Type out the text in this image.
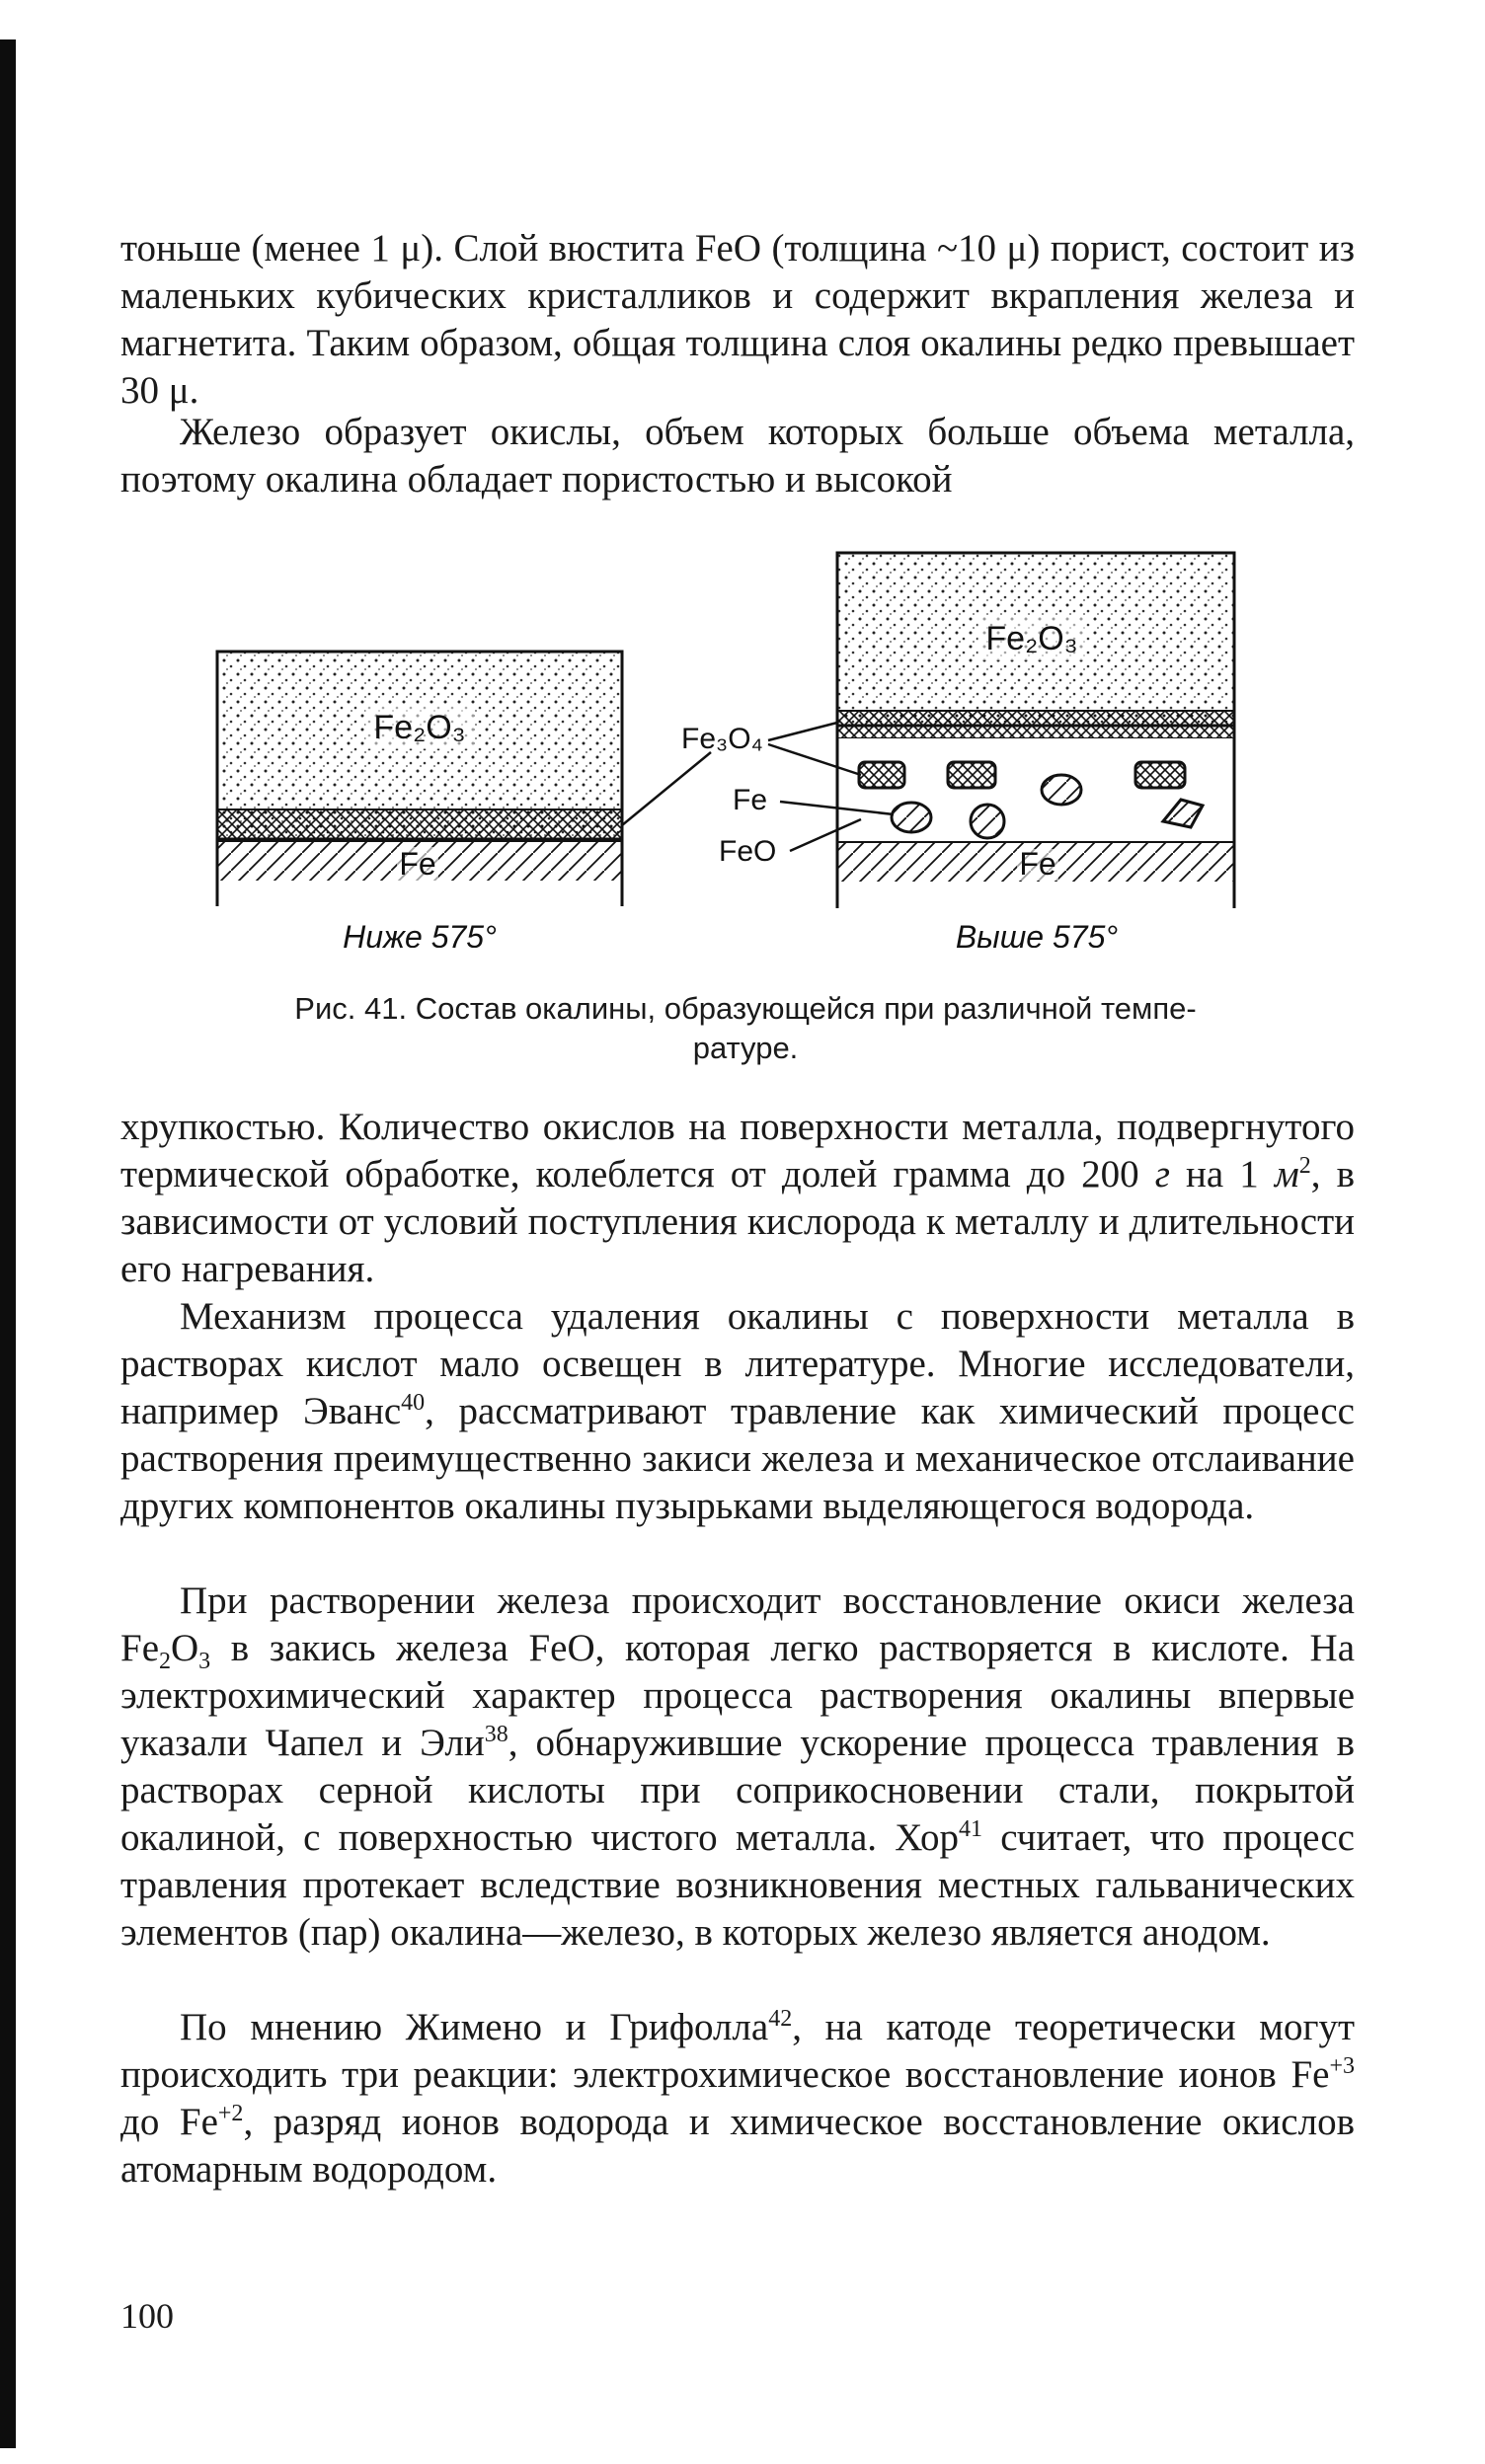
тоньше (менее 1 μ). Слой вюстита FeO (толщина ~10 μ) порист, состоит из маленьких кубических кристалликов и содержит вкрапления железа и магнетита. Таким образом, общая толщина слоя окалины редко превышает 30 μ.

Железо образует окислы, объем которых больше объема металла, поэтому окалина обладает пористостью и высокой

Fe₂O₃
Fe
Fe₂O₃
Fe
Fe₃O₄
Fe
FeO
Ниже 575°	Выше 575°
Рис. 41. Состав окалины, образующейся при различной темпе-
ратуре.

хрупкостью. Количество окислов на поверхности металла, подвергнутого термической обработке, колеблется от долей грамма до 200 г на 1 $м^2$, в зависимости от условий поступления кислорода к металлу и длительности его нагревания.

Механизм процесса удаления окалины с поверхности металла в растворах кислот мало освещен в литературе. Многие исследователи, например Эванс$^{40}$, рассматривают травление как химический процесс растворения преимущественно закиси железа и механическое отслаивание других компонентов окалины пузырьками выделяющегося водорода.

При растворении железа происходит восстановление окиси железа $Fe_2O_3$ в закись железа FeO, которая легко растворяется в кислоте. На электрохимический характер процесса растворения окалины впервые указали Чапел и Эли$^{38}$, обнаружившие ускорение процесса травления в растворах серной кислоты при соприкосновении стали, покрытой окалиной, с поверхностью чистого металла. Хор$^{41}$ считает, что процесс травления протекает вследствие возникновения местных гальванических элементов (пар) окалина—железо, в которых железо является анодом.

По мнению Жимено и Грифолла$^{42}$, на катоде теоретически могут происходить три реакции: электрохимическое восстановление ионов $Fe^{+3}$ до $Fe^{+2}$, разряд ионов водорода и химическое восстановление окислов атомарным водородом.

100
